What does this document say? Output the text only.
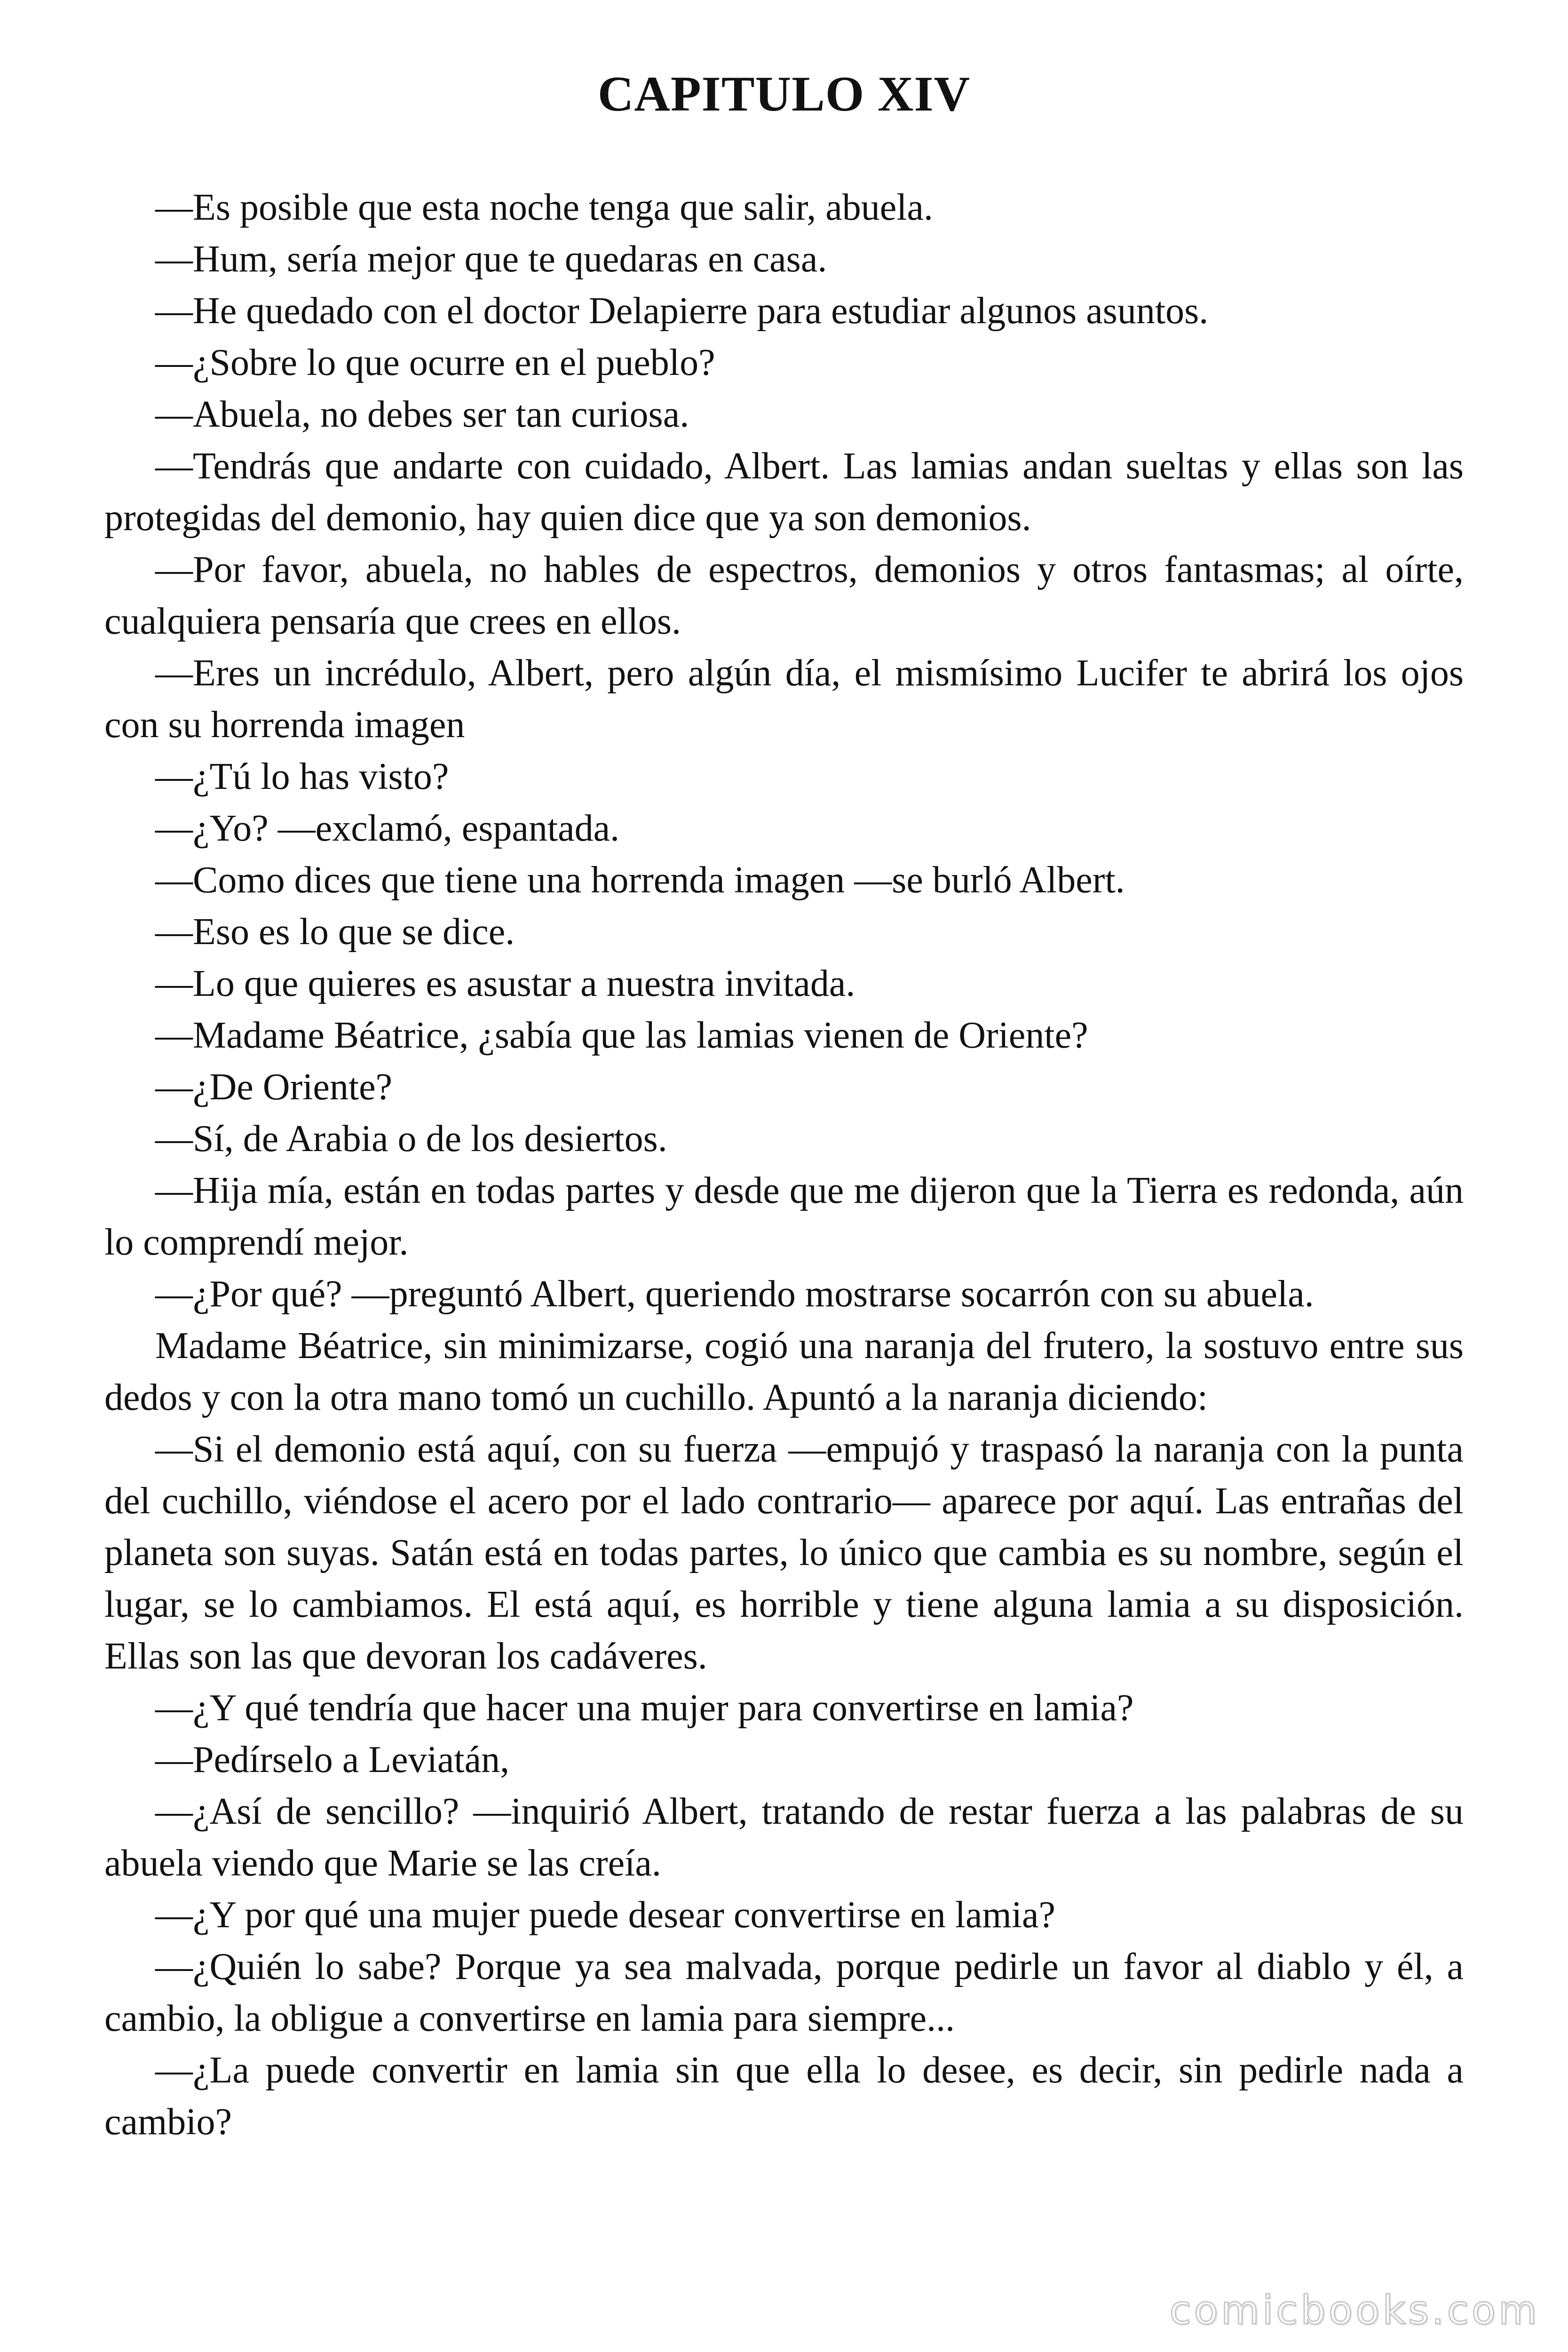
CAPITULO XIV

—Es posible que esta noche tenga que salir, abuela.

—Hum, sería mejor que te quedaras en casa.

—He quedado con el doctor Delapierre para estudiar algunos asuntos.

—¿Sobre lo que ocurre en el pueblo?

—Abuela, no debes ser tan curiosa.

—Tendrás que andarte con cuidado, Albert. Las lamias andan sueltas y ellas son las protegidas del demonio, hay quien dice que ya son demonios.

—Por favor, abuela, no hables de espectros, demonios y otros fantasmas; al oírte, cualquiera pensaría que crees en ellos.

—Eres un incrédulo, Albert, pero algún día, el mismísimo Lucifer te abrirá los ojos con su horrenda imagen

—¿Tú lo has visto?

—¿Yo? —exclamó, espantada.

—Como dices que tiene una horrenda imagen —se burló Albert.

—Eso es lo que se dice.

—Lo que quieres es asustar a nuestra invitada.

—Madame Béatrice, ¿sabía que las lamias vienen de Oriente?

—¿De Oriente?

—Sí, de Arabia o de los desiertos.

—Hija mía, están en todas partes y desde que me dijeron que la Tierra es redonda, aún lo comprendí mejor.

—¿Por qué? —preguntó Albert, queriendo mostrarse socarrón con su abuela.

Madame Béatrice, sin minimizarse, cogió una naranja del frutero, la sostuvo entre sus dedos y con la otra mano tomó un cuchillo. Apuntó a la naranja diciendo:

—Si el demonio está aquí, con su fuerza —empujó y traspasó la naranja con la punta del cuchillo, viéndose el acero por el lado contrario— aparece por aquí. Las entrañas del planeta son suyas. Satán está en todas partes, lo único que cambia es su nombre, según el lugar, se lo cambiamos. El está aquí, es horrible y tiene alguna lamia a su disposición. Ellas son las que devoran los cadáveres.

—¿Y qué tendría que hacer una mujer para convertirse en lamia?

—Pedírselo a Leviatán,

—¿Así de sencillo? —inquirió Albert, tratando de restar fuerza a las palabras de su abuela viendo que Marie se las creía.

—¿Y por qué una mujer puede desear convertirse en lamia?

—¿Quién lo sabe? Porque ya sea malvada, porque pedirle un favor al diablo y él, a cambio, la obligue a convertirse en lamia para siempre...

—¿La puede convertir en lamia sin que ella lo desee, es decir, sin pedirle nada a cambio?

comicbooks.com
